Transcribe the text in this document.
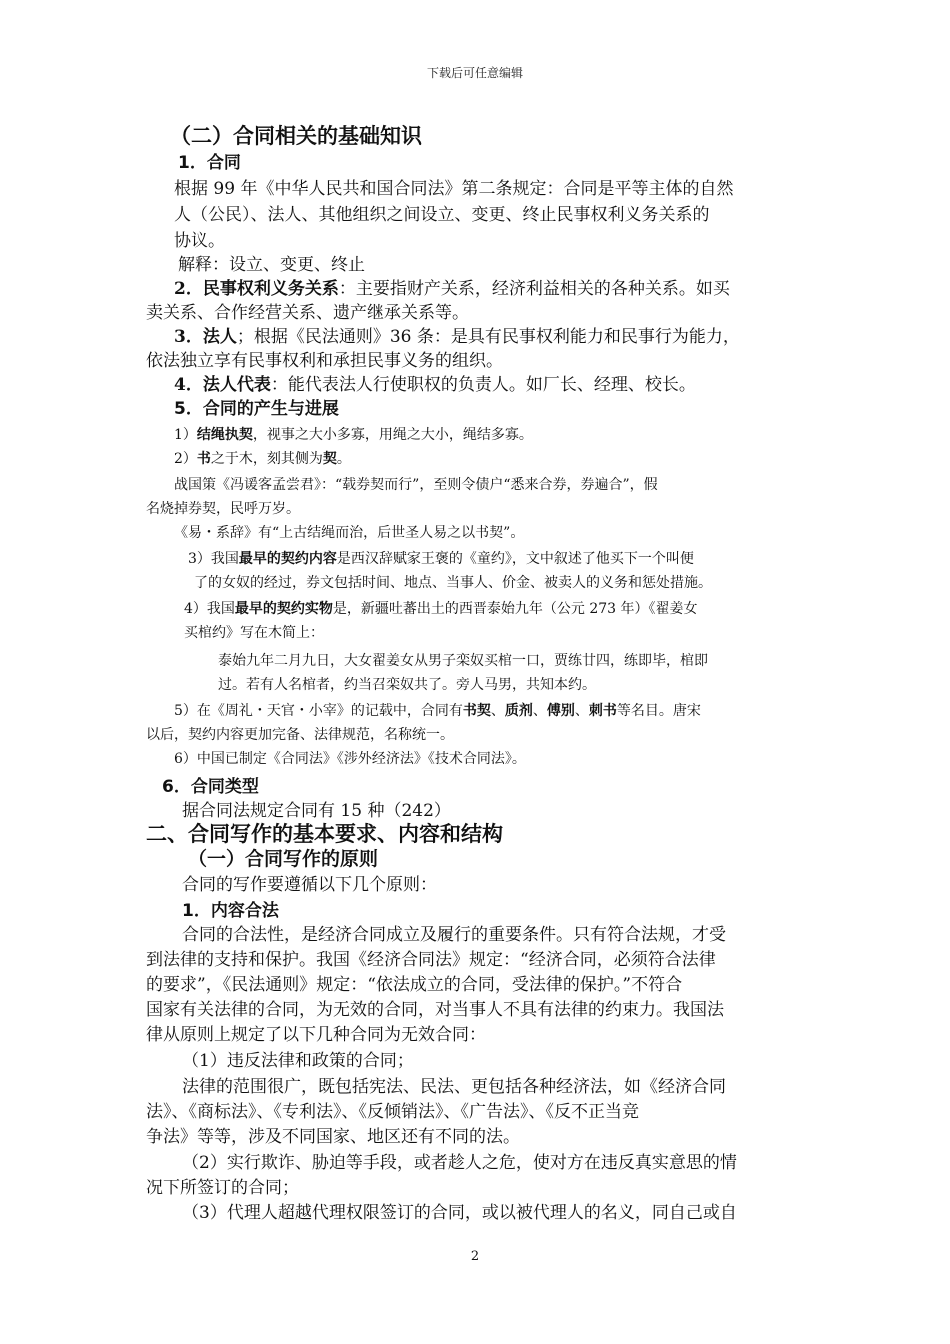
下载后可任意编辑
（二）合同相关的基础知识
1．合同
根据 99 年《中华人民共和国合同法》第二条规定：合同是平等主体的自然
人（公民）、法人、其他组织之间设立、变更、终止民事权利义务关系的
协议。
解释：设立、变更、终止
2．民事权利义务关系：主要指财产关系，经济利益相关的各种关系。如买
卖关系、合作经营关系、遗产继承关系等。
3．法人；根据《民法通则》36 条：是具有民事权利能力和民事行为能力，
依法独立享有民事权利和承担民事义务的组织。
4．法人代表：能代表法人行使职权的负责人。如厂长、经理、校长。
5．合同的产生与进展
1）结绳执契，视事之大小多寡，用绳之大小，绳结多寡。
2）书之于木，刻其侧为契。
战国策《冯谖客孟尝君》：“载券契而行”，至则令债户“悉来合券，券遍合”，假
名烧掉券契，民呼万岁。
《易・系辞》有“上古结绳而治，后世圣人易之以书契”。
3）我国最早的契约内容是西汉辞赋家王褒的《童约》，文中叙述了他买下一个叫便
了的女奴的经过，券文包括时间、地点、当事人、价金、被卖人的义务和惩处措施。
4）我国最早的契约实物是，新疆吐蕃出土的西晋泰始九年（公元 273 年）《翟姜女
买棺约》写在木简上：
泰始九年二月九日，大女翟姜女从男子栾奴买棺一口，贾练廿四，练即毕，棺即
过。若有人名棺者，约当召栾奴共了。旁人马男，共知本约。
5）在《周礼・天官・小宰》的记载中，合同有书契、质剂、傅别、刺书等名目。唐宋
以后，契约内容更加完备、法律规范，名称统一。
6）中国已制定《合同法》《涉外经济法》《技术合同法》。
6．合同类型
据合同法规定合同有 15 种（242）
二、合同写作的基本要求、内容和结构
（一）合同写作的原则
合同的写作要遵循以下几个原则：
1．内容合法
合同的合法性，是经济合同成立及履行的重要条件。只有符合法规，才受
到法律的支持和保护。我国《经济合同法》规定：“经济合同，必须符合法律
的要求”，《民法通则》规定：“依法成立的合同，受法律的保护。”不符合
国家有关法律的合同，为无效的合同，对当事人不具有法律的约束力。我国法
律从原则上规定了以下几种合同为无效合同：
（1）违反法律和政策的合同；
法律的范围很广，既包括宪法、民法、更包括各种经济法，如《经济合同
法》、《商标法》、《专利法》、《反倾销法》、《广告法》、《反不正当竞
争法》等等，涉及不同国家、地区还有不同的法。
（2）实行欺诈、胁迫等手段，或者趁人之危，使对方在违反真实意思的情
况下所签订的合同；
（3）代理人超越代理权限签订的合同，或以被代理人的名义，同自己或自
2
